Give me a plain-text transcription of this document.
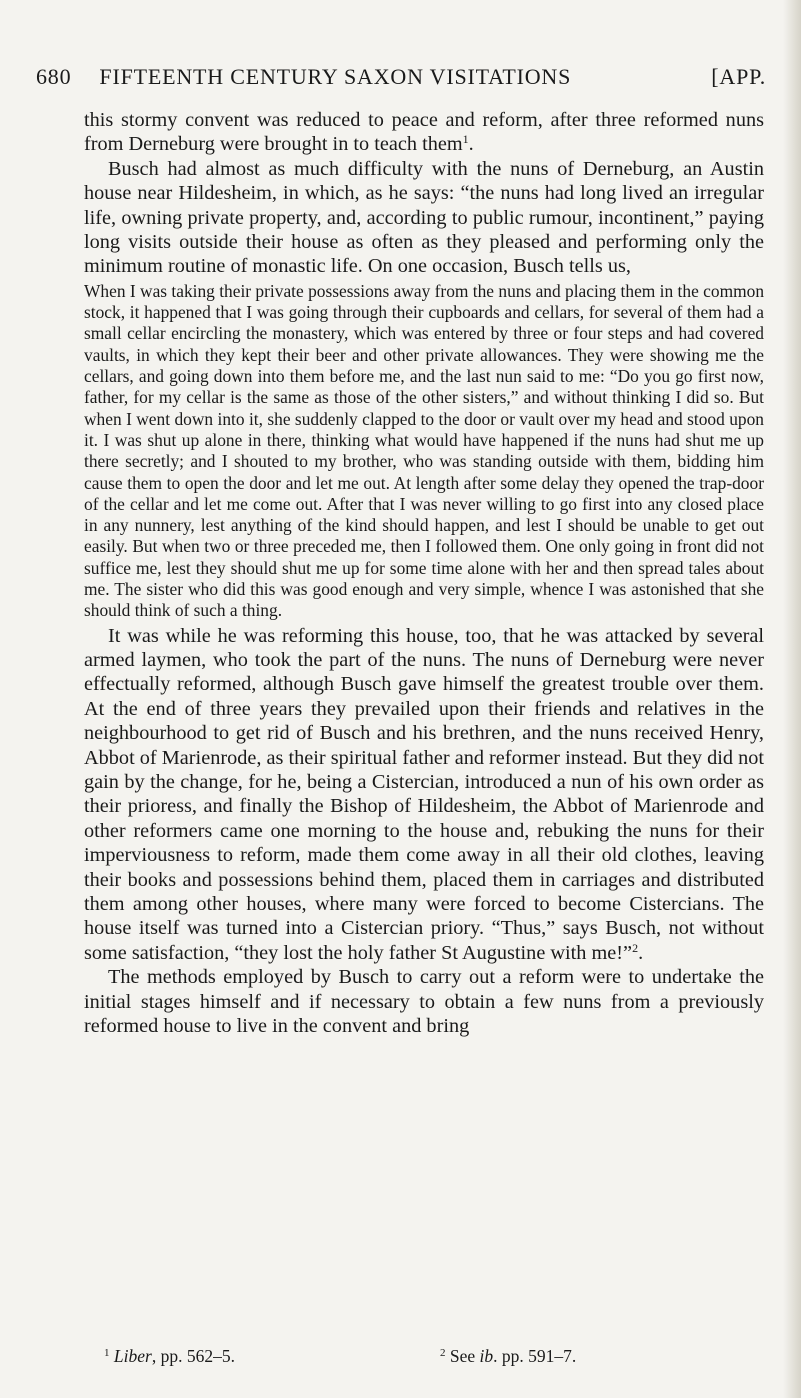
680 FIFTEENTH CENTURY SAXON VISITATIONS	[APP.

this stormy convent was reduced to peace and reform, after three reformed nuns from Derneburg were brought in to teach them$^1$.

Busch had almost as much difficulty with the nuns of Derneburg, an Austin house near Hildesheim, in which, as he says: “the nuns had long lived an irregular life, owning private property, and, according to public rumour, incontinent,” paying long visits outside their house as often as they pleased and performing only the minimum routine of monastic life. On one occasion, Busch tells us,

When I was taking their private possessions away from the nuns and placing them in the common stock, it happened that I was going through their cupboards and cellars, for several of them had a small cellar encircling the monastery, which was entered by three or four steps and had covered vaults, in which they kept their beer and other private allowances. They were showing me the cellars, and going down into them before me, and the last nun said to me: “Do you go first now, father, for my cellar is the same as those of the other sisters,” and without thinking I did so. But when I went down into it, she suddenly clapped to the door or vault over my head and stood upon it. I was shut up alone in there, thinking what would have happened if the nuns had shut me up there secretly; and I shouted to my brother, who was standing outside with them, bidding him cause them to open the door and let me out. At length after some delay they opened the trap-door of the cellar and let me come out. After that I was never willing to go first into any closed place in any nunnery, lest anything of the kind should happen, and lest I should be unable to get out easily. But when two or three preceded me, then I followed them. One only going in front did not suffice me, lest they should shut me up for some time alone with her and then spread tales about me. The sister who did this was good enough and very simple, whence I was astonished that she should think of such a thing.

It was while he was reforming this house, too, that he was attacked by several armed laymen, who took the part of the nuns. The nuns of Derneburg were never effectually reformed, although Busch gave himself the greatest trouble over them. At the end of three years they prevailed upon their friends and relatives in the neighbourhood to get rid of Busch and his brethren, and the nuns received Henry, Abbot of Marienrode, as their spiritual father and reformer instead. But they did not gain by the change, for he, being a Cistercian, introduced a nun of his own order as their prioress, and finally the Bishop of Hildesheim, the Abbot of Marienrode and other reformers came one morning to the house and, rebuking the nuns for their imperviousness to reform, made them come away in all their old clothes, leaving their books and possessions behind them, placed them in carriages and distributed them among other houses, where many were forced to become Cistercians. The house itself was turned into a Cistercian priory. “Thus,” says Busch, not without some satisfaction, “they lost the holy father St Augustine with me!”$^2$.

The methods employed by Busch to carry out a reform were to undertake the initial stages himself and if necessary to obtain a few nuns from a previously reformed house to live in the convent and bring

$^1$ Liber, pp. 562–5.	$^2$ See ib. pp. 591–7.
